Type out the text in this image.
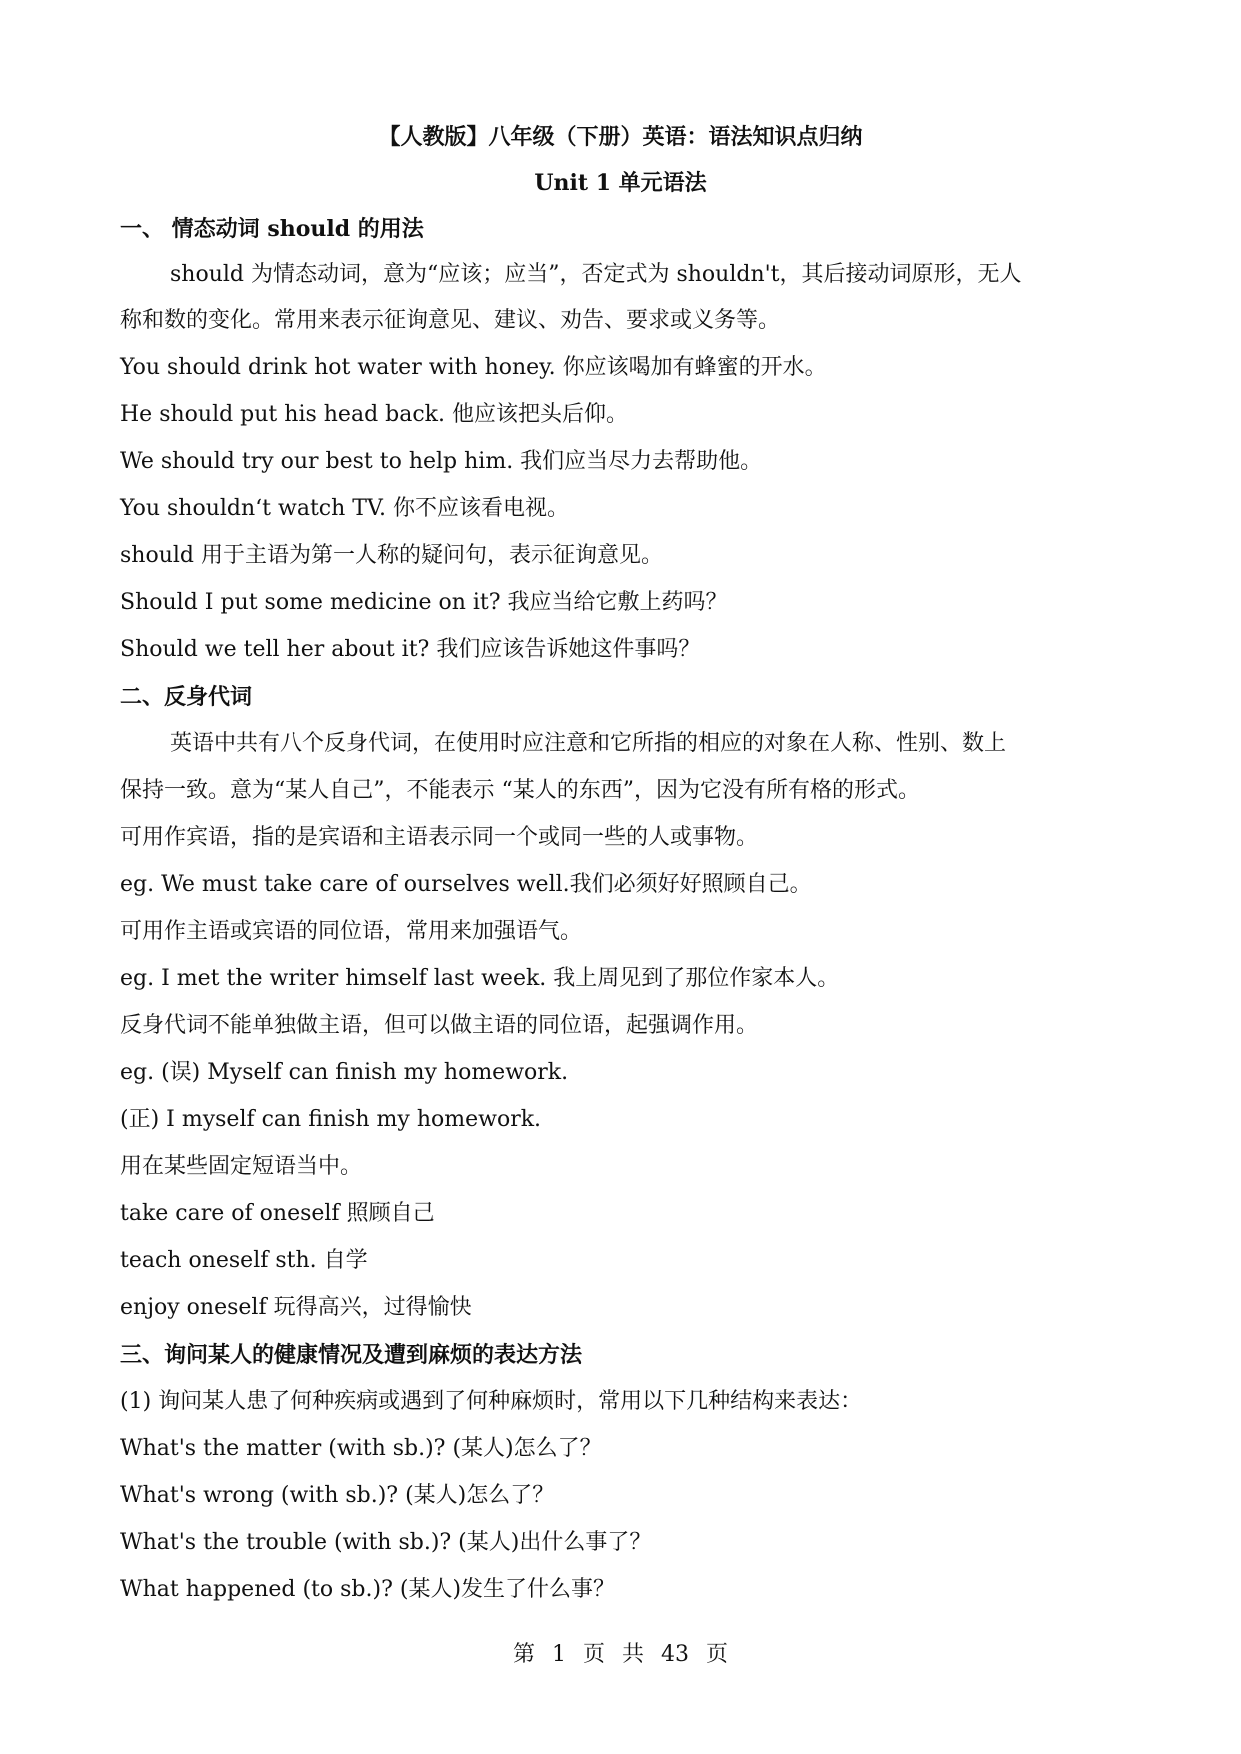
【人教版】八年级（下册）英语：语法知识点归纳
Unit 1 单元语法

一、 情态动词 should 的用法

should 为情态动词，意为“应该；应当”，否定式为 shouldn't，其后接动词原形，无人

称和数的变化。常用来表示征询意见、建议、劝告、要求或义务等。

You should drink hot water with honey. 你应该喝加有蜂蜜的开水。

He should put his head back. 他应该把头后仰。

We should try our best to help him. 我们应当尽力去帮助他。

You shouldn‘t watch TV. 你不应该看电视。

should 用于主语为第一人称的疑问句，表示征询意见。

Should I put some medicine on it? 我应当给它敷上药吗？

Should we tell her about it? 我们应该告诉她这件事吗？

二、反身代词

英语中共有八个反身代词，在使用时应注意和它所指的相应的对象在人称、性别、数上

保持一致。意为“某人自己”，不能表示 “某人的东西”，因为它没有所有格的形式。

可用作宾语，指的是宾语和主语表示同一个或同一些的人或事物。

eg. We must take care of ourselves well.我们必须好好照顾自己。

可用作主语或宾语的同位语，常用来加强语气。

eg. I met the writer himself last week. 我上周见到了那位作家本人。

反身代词不能单独做主语，但可以做主语的同位语，起强调作用。

eg. (误) Myself can finish my homework.

(正) I myself can finish my homework.

用在某些固定短语当中。

take care of oneself 照顾自己

teach oneself sth. 自学

enjoy oneself 玩得高兴，过得愉快

三、询问某人的健康情况及遭到麻烦的表达方法

(1) 询问某人患了何种疾病或遇到了何种麻烦时，常用以下几种结构来表达：

What's the matter (with sb.)? (某人)怎么了？

What's wrong (with sb.)? (某人)怎么了？

What's the trouble (with sb.)? (某人)出什么事了？

What happened (to sb.)? (某人)发生了什么事？

第 1 页 共 43 页
